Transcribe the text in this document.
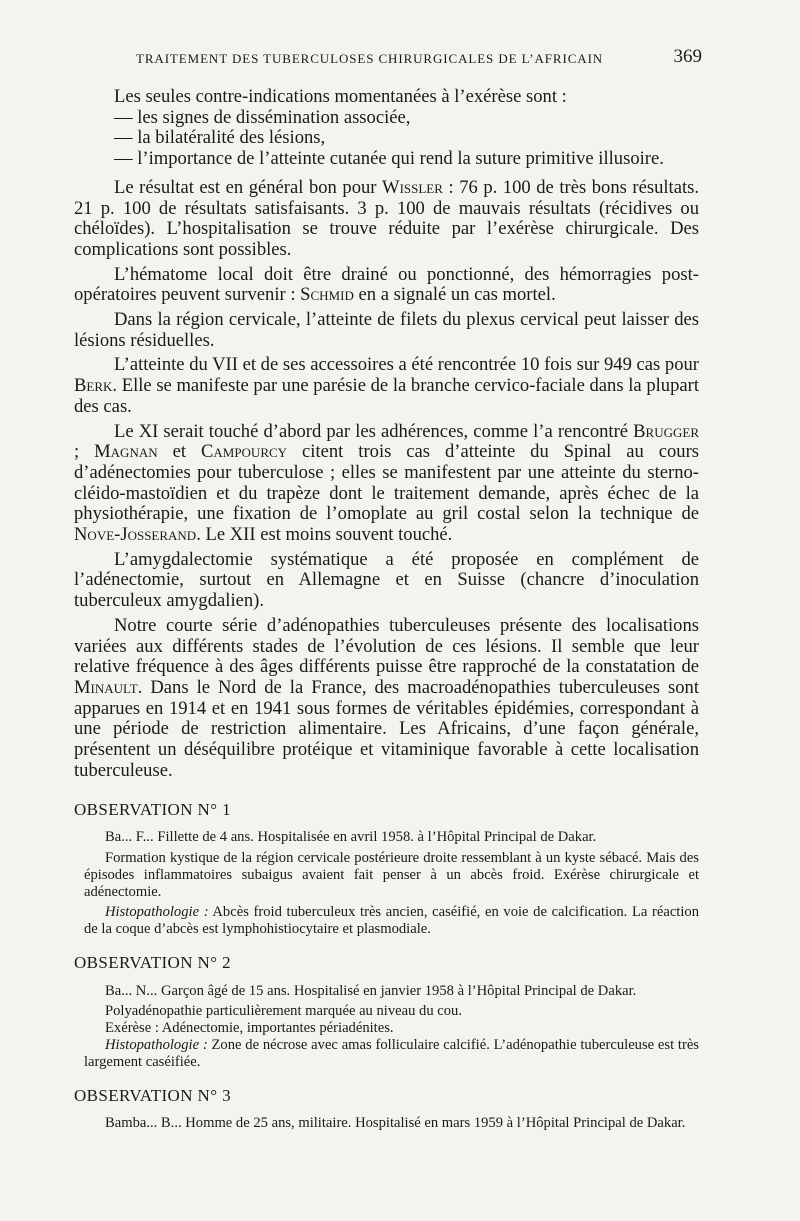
TRAITEMENT DES TUBERCULOSES CHIRURGICALES DE L’AFRICAIN	369

Les seules contre-indications momentanées à l’exérèse sont :

— les signes de dissémination associée,

— la bilatéralité des lésions,

— l’importance de l’atteinte cutanée qui rend la suture primitive illusoire.

Le résultat est en général bon pour Wissler : 76 p. 100 de très bons résultats. 21 p. 100 de résultats satisfaisants. 3 p. 100 de mauvais résultats (récidives ou chéloïdes). L’hospitalisation se trouve réduite par l’exérèse chirurgicale. Des complications sont possibles.

L’hématome local doit être drainé ou ponctionné, des hémorragies post-opératoires peuvent survenir : Schmid en a signalé un cas mortel.

Dans la région cervicale, l’atteinte de filets du plexus cervical peut laisser des lésions résiduelles.

L’atteinte du VII et de ses accessoires a été rencontrée 10 fois sur 949 cas pour Berk. Elle se manifeste par une parésie de la branche cervico-faciale dans la plupart des cas.

Le XI serait touché d’abord par les adhérences, comme l’a rencontré Brugger ; Magnan et Campourcy citent trois cas d’atteinte du Spinal au cours d’adénectomies pour tuberculose ; elles se manifestent par une atteinte du sterno-cléido-mastoïdien et du trapèze dont le traitement demande, après échec de la physiothérapie, une fixation de l’omoplate au gril costal selon la technique de Nove-Josserand. Le XII est moins souvent touché.

L’amygdalectomie systématique a été proposée en complément de l’adénectomie, surtout en Allemagne et en Suisse (chancre d’inoculation tuberculeux amygdalien).

Notre courte série d’adénopathies tuberculeuses présente des localisations variées aux différents stades de l’évolution de ces lésions. Il semble que leur relative fréquence à des âges différents puisse être rapproché de la constatation de Minault. Dans le Nord de la France, des macroadénopathies tuberculeuses sont apparues en 1914 et en 1941 sous formes de véritables épidémies, correspondant à une période de restriction alimentaire. Les Africains, d’une façon générale, présentent un déséquilibre protéique et vitaminique favorable à cette localisation tuberculeuse.

OBSERVATION N° 1

Ba... F... Fillette de 4 ans. Hospitalisée en avril 1958. à l’Hôpital Principal de Dakar.

Formation kystique de la région cervicale postérieure droite ressemblant à un kyste sébacé. Mais des épisodes inflammatoires subaigus avaient fait penser à un abcès froid. Exérèse chirurgicale et adénectomie.

Histopathologie : Abcès froid tuberculeux très ancien, caséifié, en voie de calcification. La réaction de la coque d’abcès est lymphohistiocytaire et plasmodiale.

OBSERVATION N° 2

Ba... N... Garçon âgé de 15 ans. Hospitalisé en janvier 1958 à l’Hôpital Principal de Dakar.

Polyadénopathie particulièrement marquée au niveau du cou.

Exérèse : Adénectomie, importantes périadénites.

Histopathologie : Zone de nécrose avec amas folliculaire calcifié. L’adénopathie tuberculeuse est très largement caséifiée.

OBSERVATION N° 3

Bamba... B... Homme de 25 ans, militaire. Hospitalisé en mars 1959 à l’Hôpital Principal de Dakar.
